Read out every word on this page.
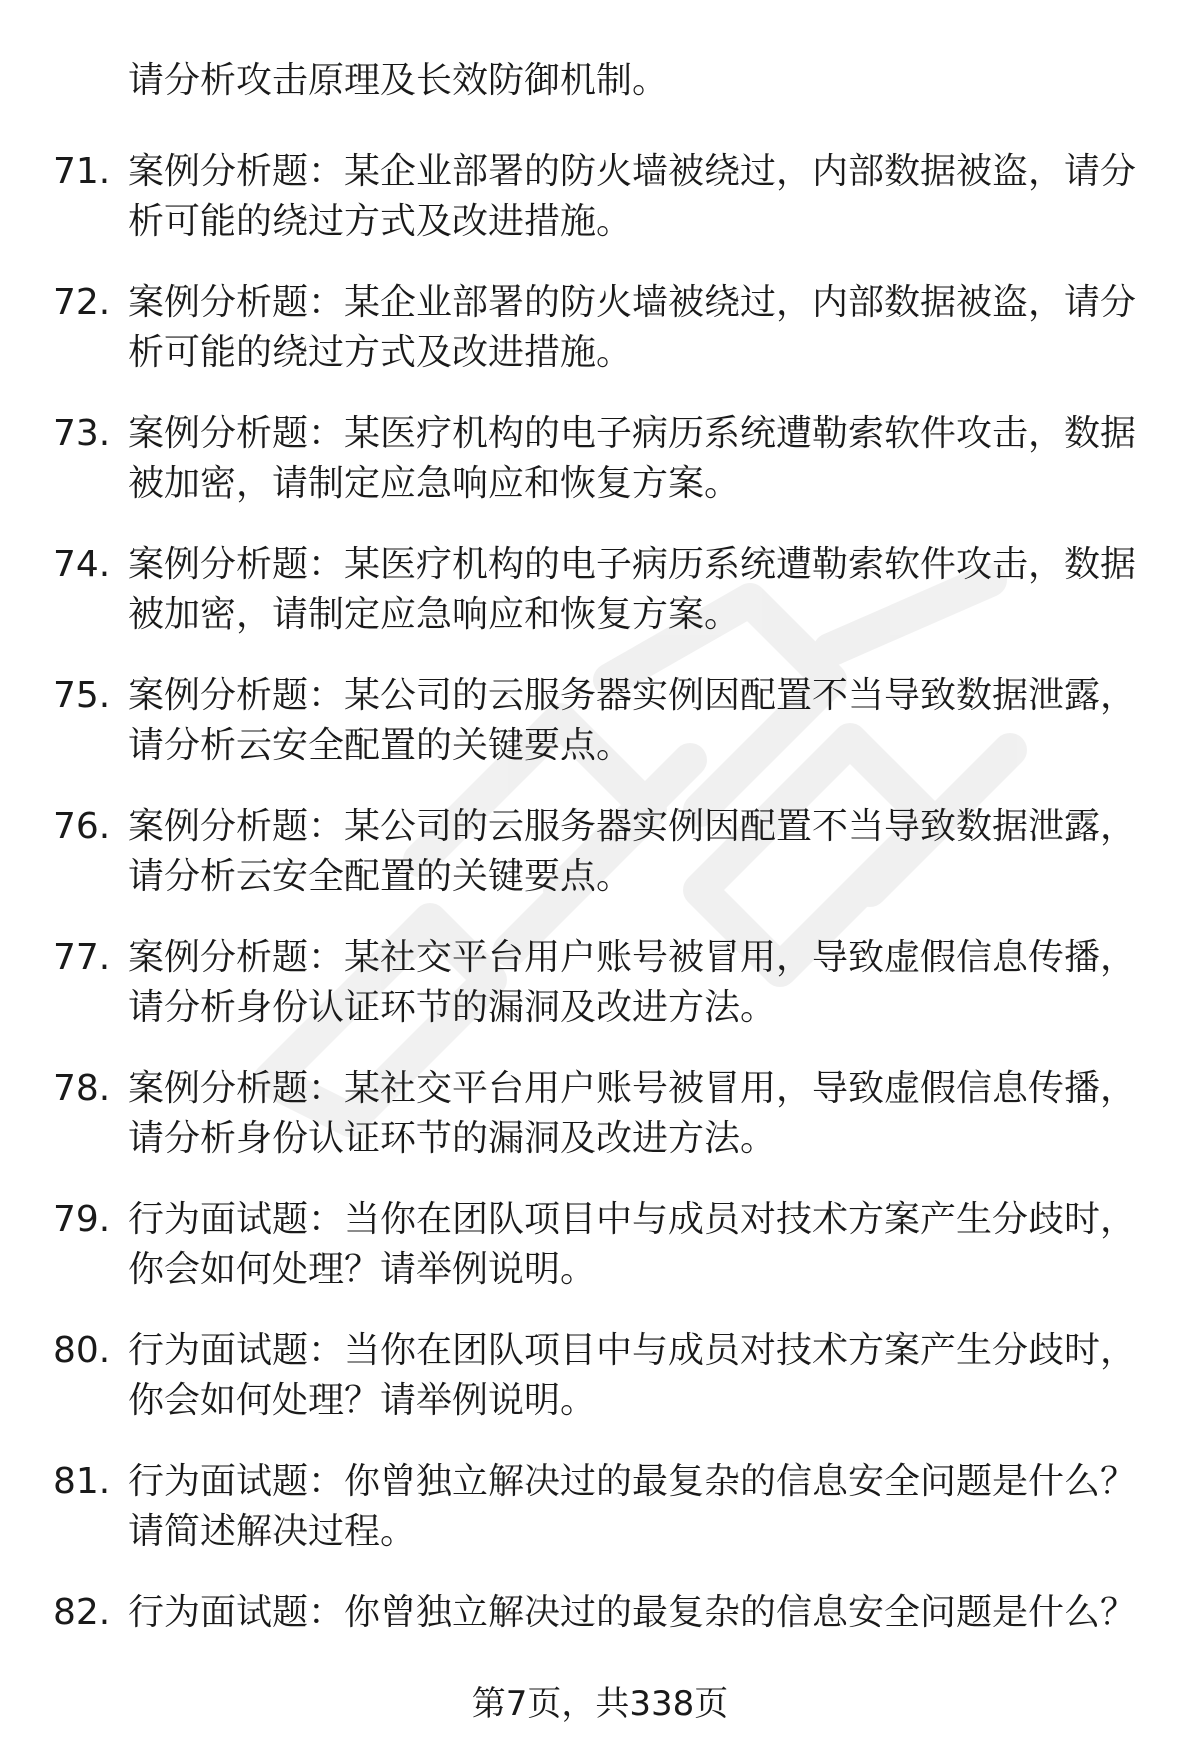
请分析攻击原理及长效防御机制。
71. 案例分析题：某企业部署的防火墙被绕过，内部数据被盗，请分
析可能的绕过方式及改进措施。
72. 案例分析题：某企业部署的防火墙被绕过，内部数据被盗，请分
析可能的绕过方式及改进措施。
73. 案例分析题：某医疗机构的电子病历系统遭勒索软件攻击，数据
被加密，请制定应急响应和恢复方案。
74. 案例分析题：某医疗机构的电子病历系统遭勒索软件攻击，数据
被加密，请制定应急响应和恢复方案。
75. 案例分析题：某公司的云服务器实例因配置不当导致数据泄露，
请分析云安全配置的关键要点。
76. 案例分析题：某公司的云服务器实例因配置不当导致数据泄露，
请分析云安全配置的关键要点。
77. 案例分析题：某社交平台用户账号被冒用，导致虚假信息传播，
请分析身份认证环节的漏洞及改进方法。
78. 案例分析题：某社交平台用户账号被冒用，导致虚假信息传播，
请分析身份认证环节的漏洞及改进方法。
79. 行为面试题：当你在团队项目中与成员对技术方案产生分歧时，
你会如何处理？请举例说明。
80. 行为面试题：当你在团队项目中与成员对技术方案产生分歧时，
你会如何处理？请举例说明。
81. 行为面试题：你曾独立解决过的最复杂的信息安全问题是什么？
请简述解决过程。
82. 行为面试题：你曾独立解决过的最复杂的信息安全问题是什么？
第7页，共338页
